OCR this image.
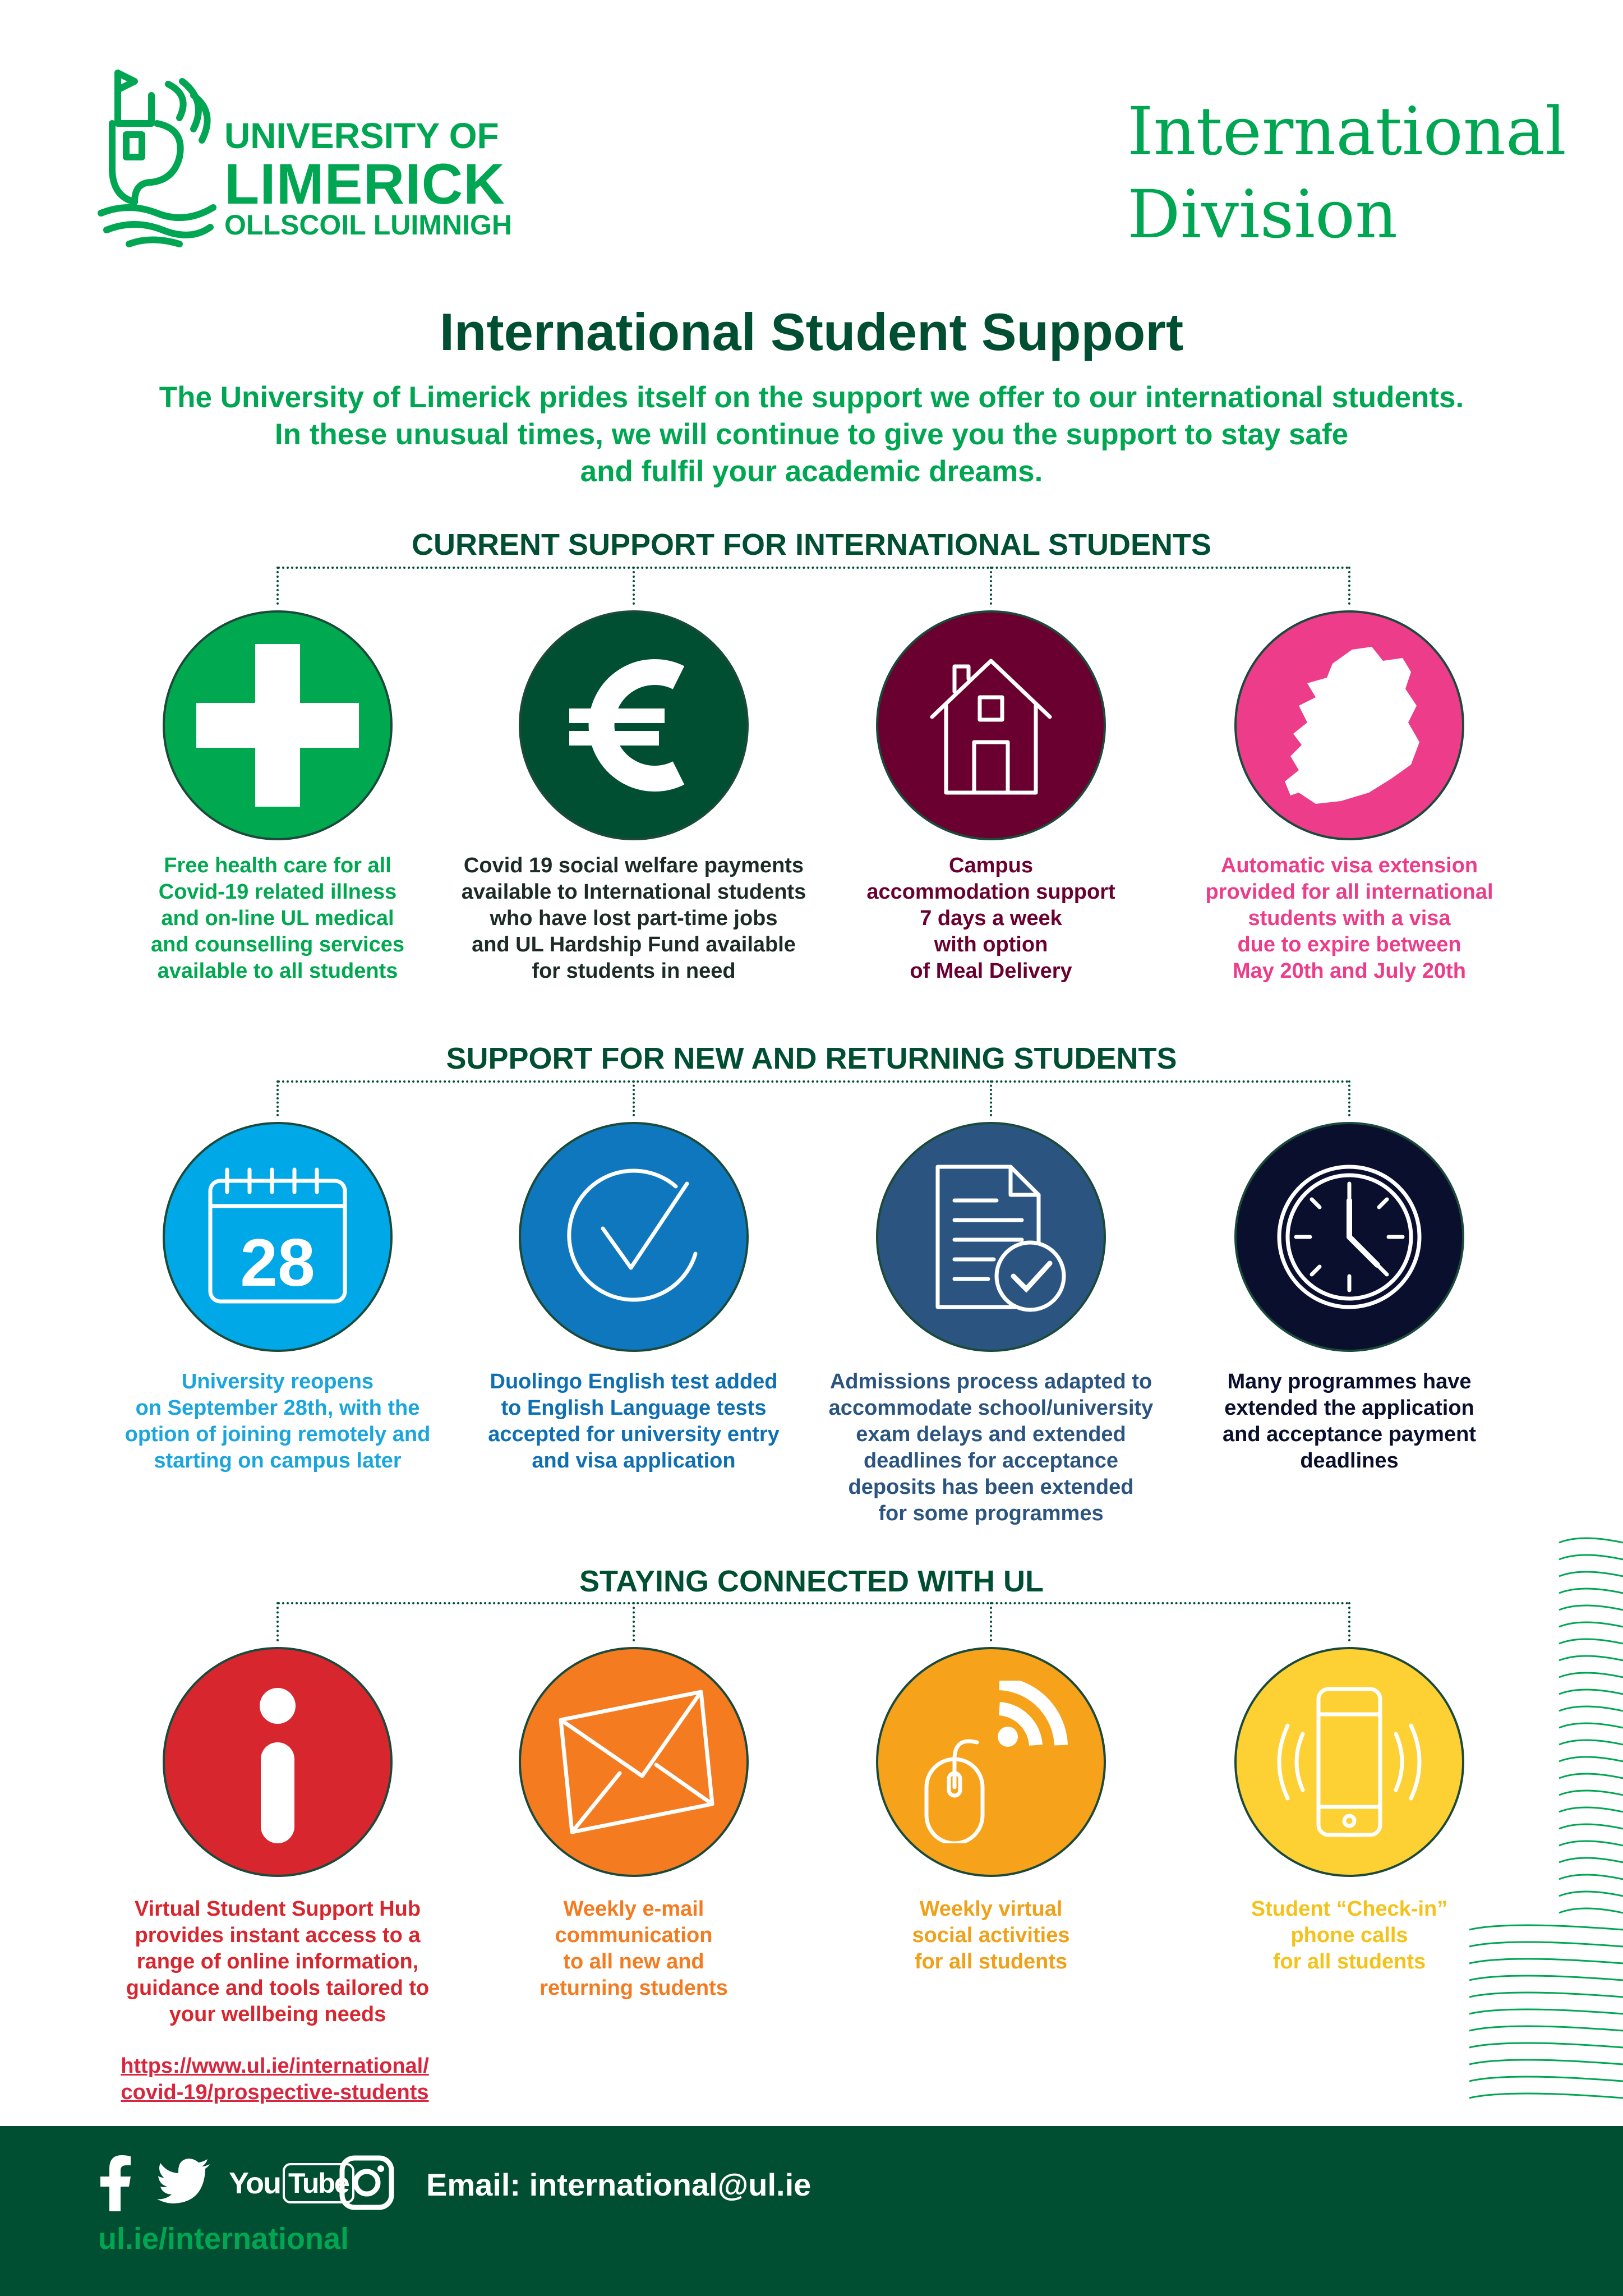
UNIVERSITY OF
LIMERICK
OLLSCOIL LUIMNIGH
International
Division
International Student Support
The University of Limerick prides itself on the support we offer to our international students.
In these unusual times, we will continue to give you the support to stay safe
and fulfil your academic dreams.
CURRENT SUPPORT FOR INTERNATIONAL STUDENTS
Free health care for all
Covid-19 related illness
and on-line UL medical
and counselling services
available to all students
Covid 19 social welfare payments
available to International students
who have lost part-time jobs
and UL Hardship Fund available
for students in need
Campus
accommodation support
7 days a week
with option
of Meal Delivery
Automatic visa extension
provided for all international
students with a visa
due to expire between
May 20th and July 20th
SUPPORT FOR NEW AND RETURNING STUDENTS
28
University reopens
on September 28th, with the
option of joining remotely and
starting on campus later
Duolingo English test added
to English Language tests
accepted for university entry
and visa application
Admissions process adapted to
accommodate school/university
exam delays and extended
deadlines for acceptance
deposits has been extended
for some programmes
Many programmes have
extended the application
and acceptance payment
deadlines
STAYING CONNECTED WITH UL
Virtual Student Support Hub
provides instant access to a
range of online information,
guidance and tools tailored to
your wellbeing needs
Weekly e-mail
communication
to all new and
returning students
Weekly virtual
social activities
for all students
Student “Check-in”
phone calls
for all students
https://www.ul.ie/international/
covid-19/prospective-students
You Tube Email: international@ul.ie
ul.ie/international
